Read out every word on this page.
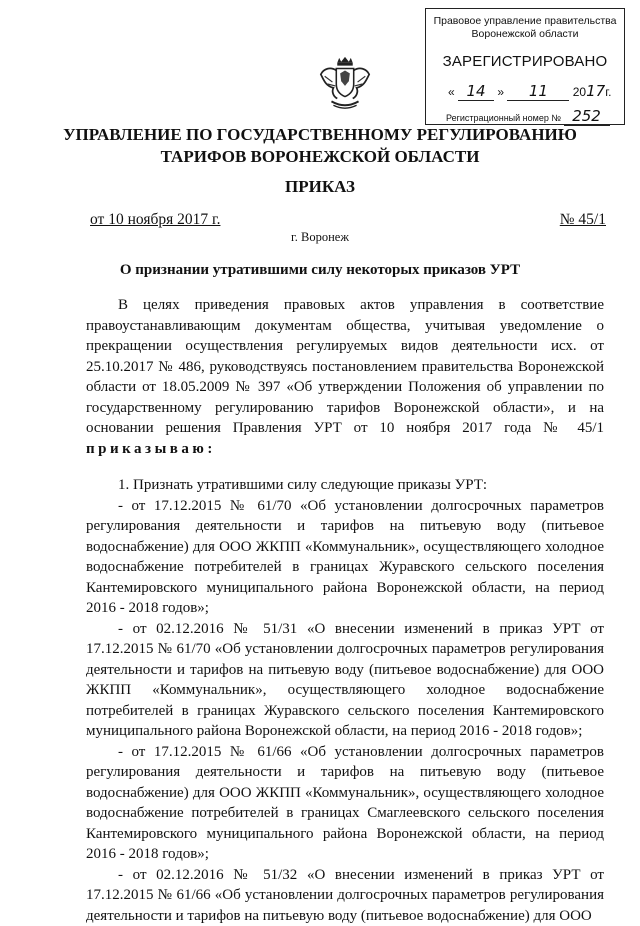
Правовое управление правительства
Воронежской области
ЗАРЕГИСТРИРОВАНО
« 14 » 11 2017г.
Регистрационный номер № 252
УПРАВЛЕНИЕ ПО ГОСУДАРСТВЕННОМУ РЕГУЛИРОВАНИЮ
ТАРИФОВ ВОРОНЕЖСКОЙ ОБЛАСТИ
ПРИКАЗ
от 10 ноября 2017 г.	№ 45/1
г. Воронеж
О признании утратившими силу некоторых приказов УРТ

В целях приведения правовых актов управления в соответствие правоустанавливающим документам общества, учитывая уведомление о прекращении осуществления регулируемых видов деятельности исх. от 25.10.2017 № 486, руководствуясь постановлением правительства Воронежской области от 18.05.2009 № 397 «Об утверждении Положения об управлении по государственному регулированию тарифов Воронежской области», и на основании решения Правления УРТ от 10 ноября 2017 года № 45/1 приказываю:

1. Признать утратившими силу следующие приказы УРТ:

- от 17.12.2015 № 61/70 «Об установлении долгосрочных параметров регулирования деятельности и тарифов на питьевую воду (питьевое водоснабжение) для ООО ЖКПП «Коммунальник», осуществляющего холодное водоснабжение потребителей в границах Журавского сельского поселения Кантемировского муниципального района Воронежской области, на период 2016 - 2018 годов»;

- от 02.12.2016 № 51/31 «О внесении изменений в приказ УРТ от 17.12.2015 № 61/70 «Об установлении долгосрочных параметров регулирования деятельности и тарифов на питьевую воду (питьевое водоснабжение) для ООО ЖКПП «Коммунальник», осуществляющего холодное водоснабжение потребителей в границах Журавского сельского поселения Кантемировского муниципального района Воронежской области, на период 2016 - 2018 годов»;

- от 17.12.2015 № 61/66 «Об установлении долгосрочных параметров регулирования деятельности и тарифов на питьевую воду (питьевое водоснабжение) для ООО ЖКПП «Коммунальник», осуществляющего холодное водоснабжение потребителей в границах Смаглеевского сельского поселения Кантемировского муниципального района Воронежской области, на период 2016 - 2018 годов»;

- от 02.12.2016 № 51/32 «О внесении изменений в приказ УРТ от 17.12.2015 № 61/66 «Об установлении долгосрочных параметров регулирования деятельности и тарифов на питьевую воду (питьевое водоснабжение) для ООО
